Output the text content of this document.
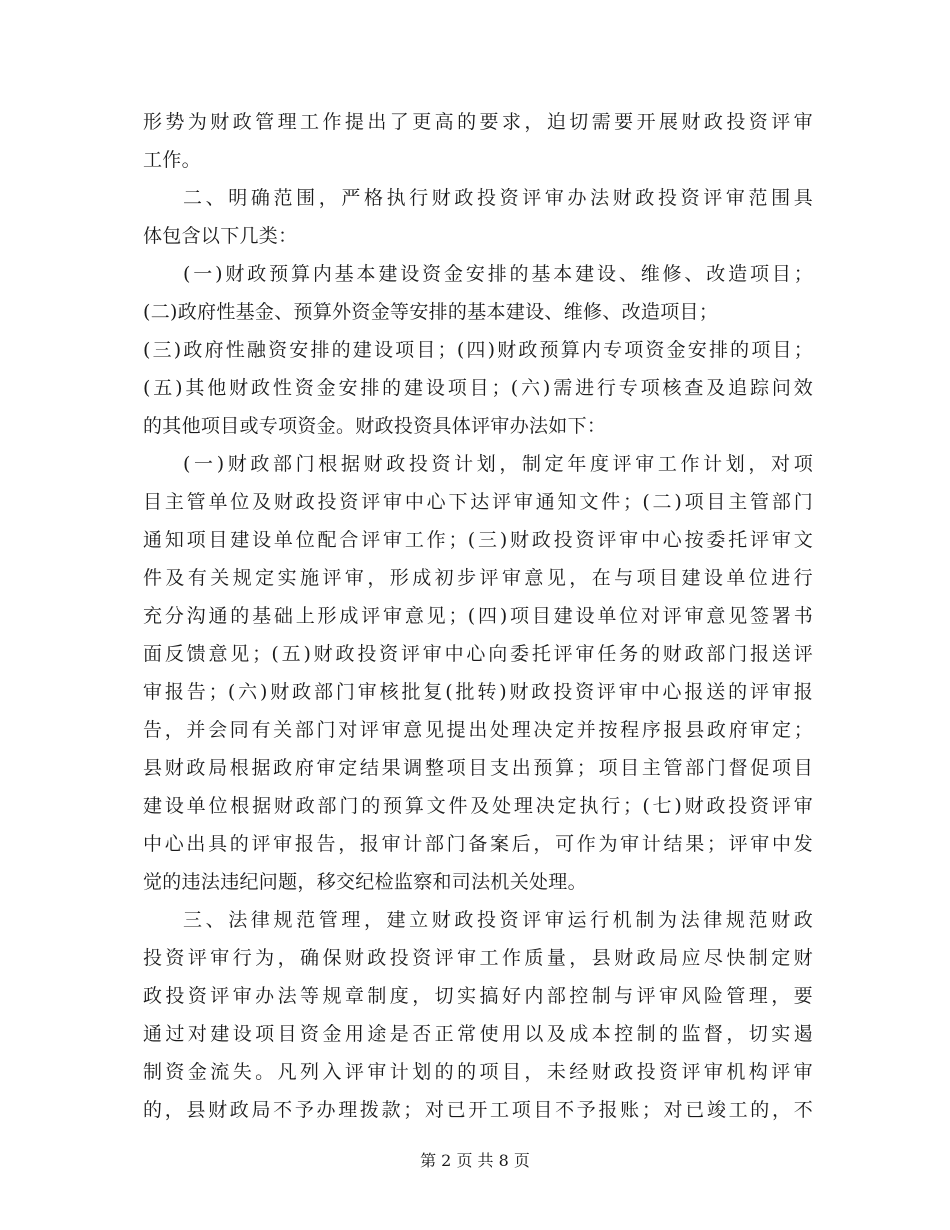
形势为财政管理工作提出了更高的要求，迫切需要开展财政投资评审
工作。
二、明确范围，严格执行财政投资评审办法财政投资评审范围具
体包含以下几类：
(一)财政预算内基本建设资金安排的基本建设、维修、改造项目；
(二)政府性基金、预算外资金等安排的基本建设、维修、改造项目；
(三)政府性融资安排的建设项目；(四)财政预算内专项资金安排的项目；
(五)其他财政性资金安排的建设项目；(六)需进行专项核查及追踪问效
的其他项目或专项资金。财政投资具体评审办法如下：
(一)财政部门根据财政投资计划，制定年度评审工作计划，对项
目主管单位及财政投资评审中心下达评审通知文件；(二)项目主管部门
通知项目建设单位配合评审工作；(三)财政投资评审中心按委托评审文
件及有关规定实施评审，形成初步评审意见，在与项目建设单位进行
充分沟通的基础上形成评审意见；(四)项目建设单位对评审意见签署书
面反馈意见；(五)财政投资评审中心向委托评审任务的财政部门报送评
审报告；(六)财政部门审核批复(批转)财政投资评审中心报送的评审报
告，并会同有关部门对评审意见提出处理决定并按程序报县政府审定；
县财政局根据政府审定结果调整项目支出预算；项目主管部门督促项目
建设单位根据财政部门的预算文件及处理决定执行；(七)财政投资评审
中心出具的评审报告，报审计部门备案后，可作为审计结果；评审中发
觉的违法违纪问题，移交纪检监察和司法机关处理。
三、法律规范管理，建立财政投资评审运行机制为法律规范财政
投资评审行为，确保财政投资评审工作质量，县财政局应尽快制定财
政投资评审办法等规章制度，切实搞好内部控制与评审风险管理，要
通过对建设项目资金用途是否正常使用以及成本控制的监督，切实遏
制资金流失。凡列入评审计划的的项目，未经财政投资评审机构评审
的，县财政局不予办理拨款；对已开工项目不予报账；对已竣工的，不
第 2 页 共 8 页
